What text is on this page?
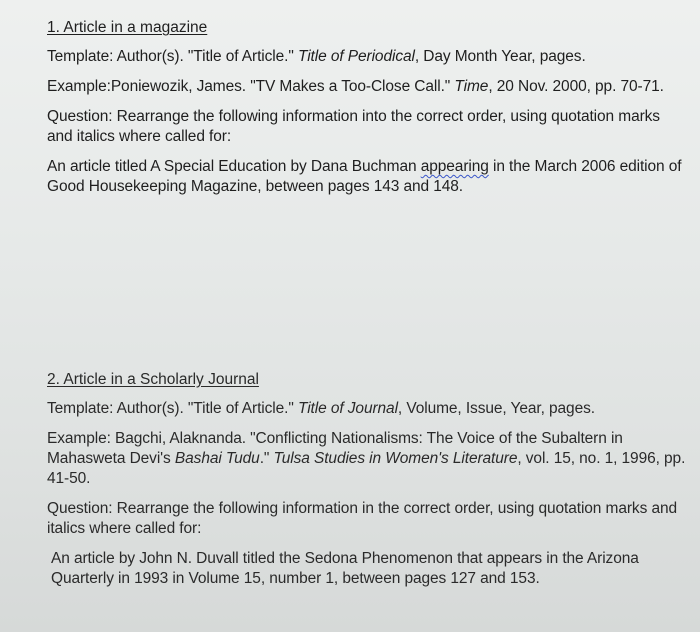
1. Article in a magazine

Template: Author(s). "Title of Article." Title of Periodical, Day Month Year, pages.

Example:Poniewozik, James. "TV Makes a Too-Close Call." Time, 20 Nov. 2000, pp. 70-71.

Question: Rearrange the following information into the correct order, using quotation marks and italics where called for:

An article titled A Special Education by Dana Buchman appearing in the March 2006 edition of Good Housekeeping Magazine, between pages 143 and 148.

2. Article in a Scholarly Journal

Template: Author(s). "Title of Article." Title of Journal, Volume, Issue, Year, pages.

Example: Bagchi, Alaknanda. "Conflicting Nationalisms: The Voice of the Subaltern in Mahasweta Devi's Bashai Tudu." Tulsa Studies in Women's Literature, vol. 15, no. 1, 1996, pp. 41-50.

Question: Rearrange the following information in the correct order, using quotation marks and italics where called for:

An article by John N. Duvall titled the Sedona Phenomenon that appears in the Arizona Quarterly in 1993 in Volume 15, number 1, between pages 127 and 153.
